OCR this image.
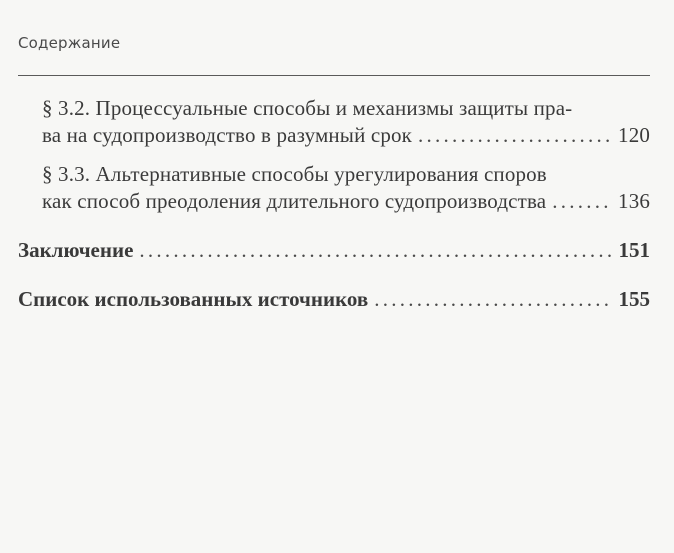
Содержание
§ 3.2. Процессуальные способы и механизмы защиты пра-
ва на судопроизводство в разумный срок . . .	120
§ 3.3. Альтернативные способы урегулирования споров
как способ преодоления длительного судопроизводства . . .	136
Заключение . . .	151
Список использованных источников . . .	155
